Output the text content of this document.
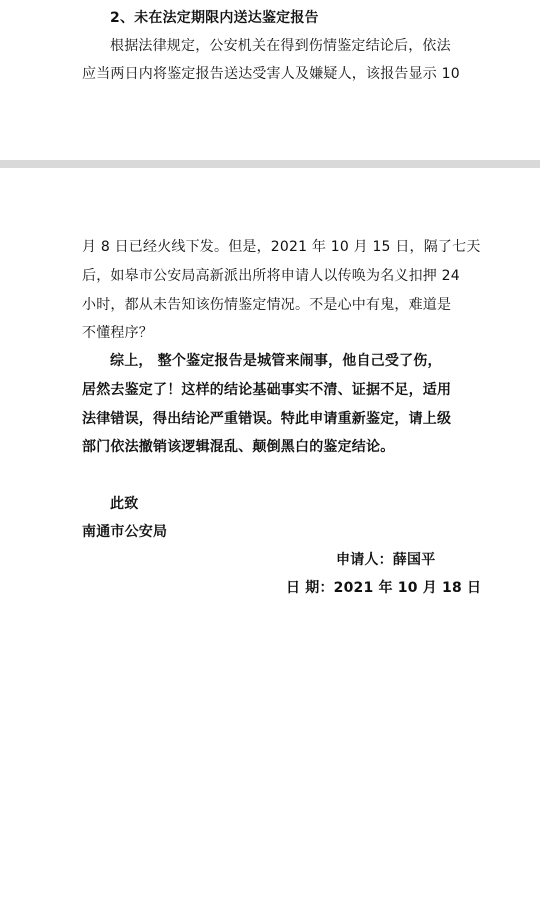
2、未在法定期限内送达鉴定报告
根据法律规定，公安机关在得到伤情鉴定结论后，依法
应当两日内将鉴定报告送达受害人及嫌疑人，该报告显示 10
月 8 日已经火线下发。但是，2021 年 10 月 15 日，隔了七天
后，如皋市公安局高新派出所将申请人以传唤为名义扣押 24
小时，都从未告知该伤情鉴定情况。不是心中有鬼，难道是
不懂程序？
综上， 整个鉴定报告是城管来闹事，他自己受了伤，
居然去鉴定了！这样的结论基础事实不清、证据不足，适用
法律错误，得出结论严重错误。特此申请重新鉴定，请上级
部门依法撤销该逻辑混乱、颠倒黑白的鉴定结论。
此致
南通市公安局
申请人：薛国平
日 期：2021 年 10 月 18 日
